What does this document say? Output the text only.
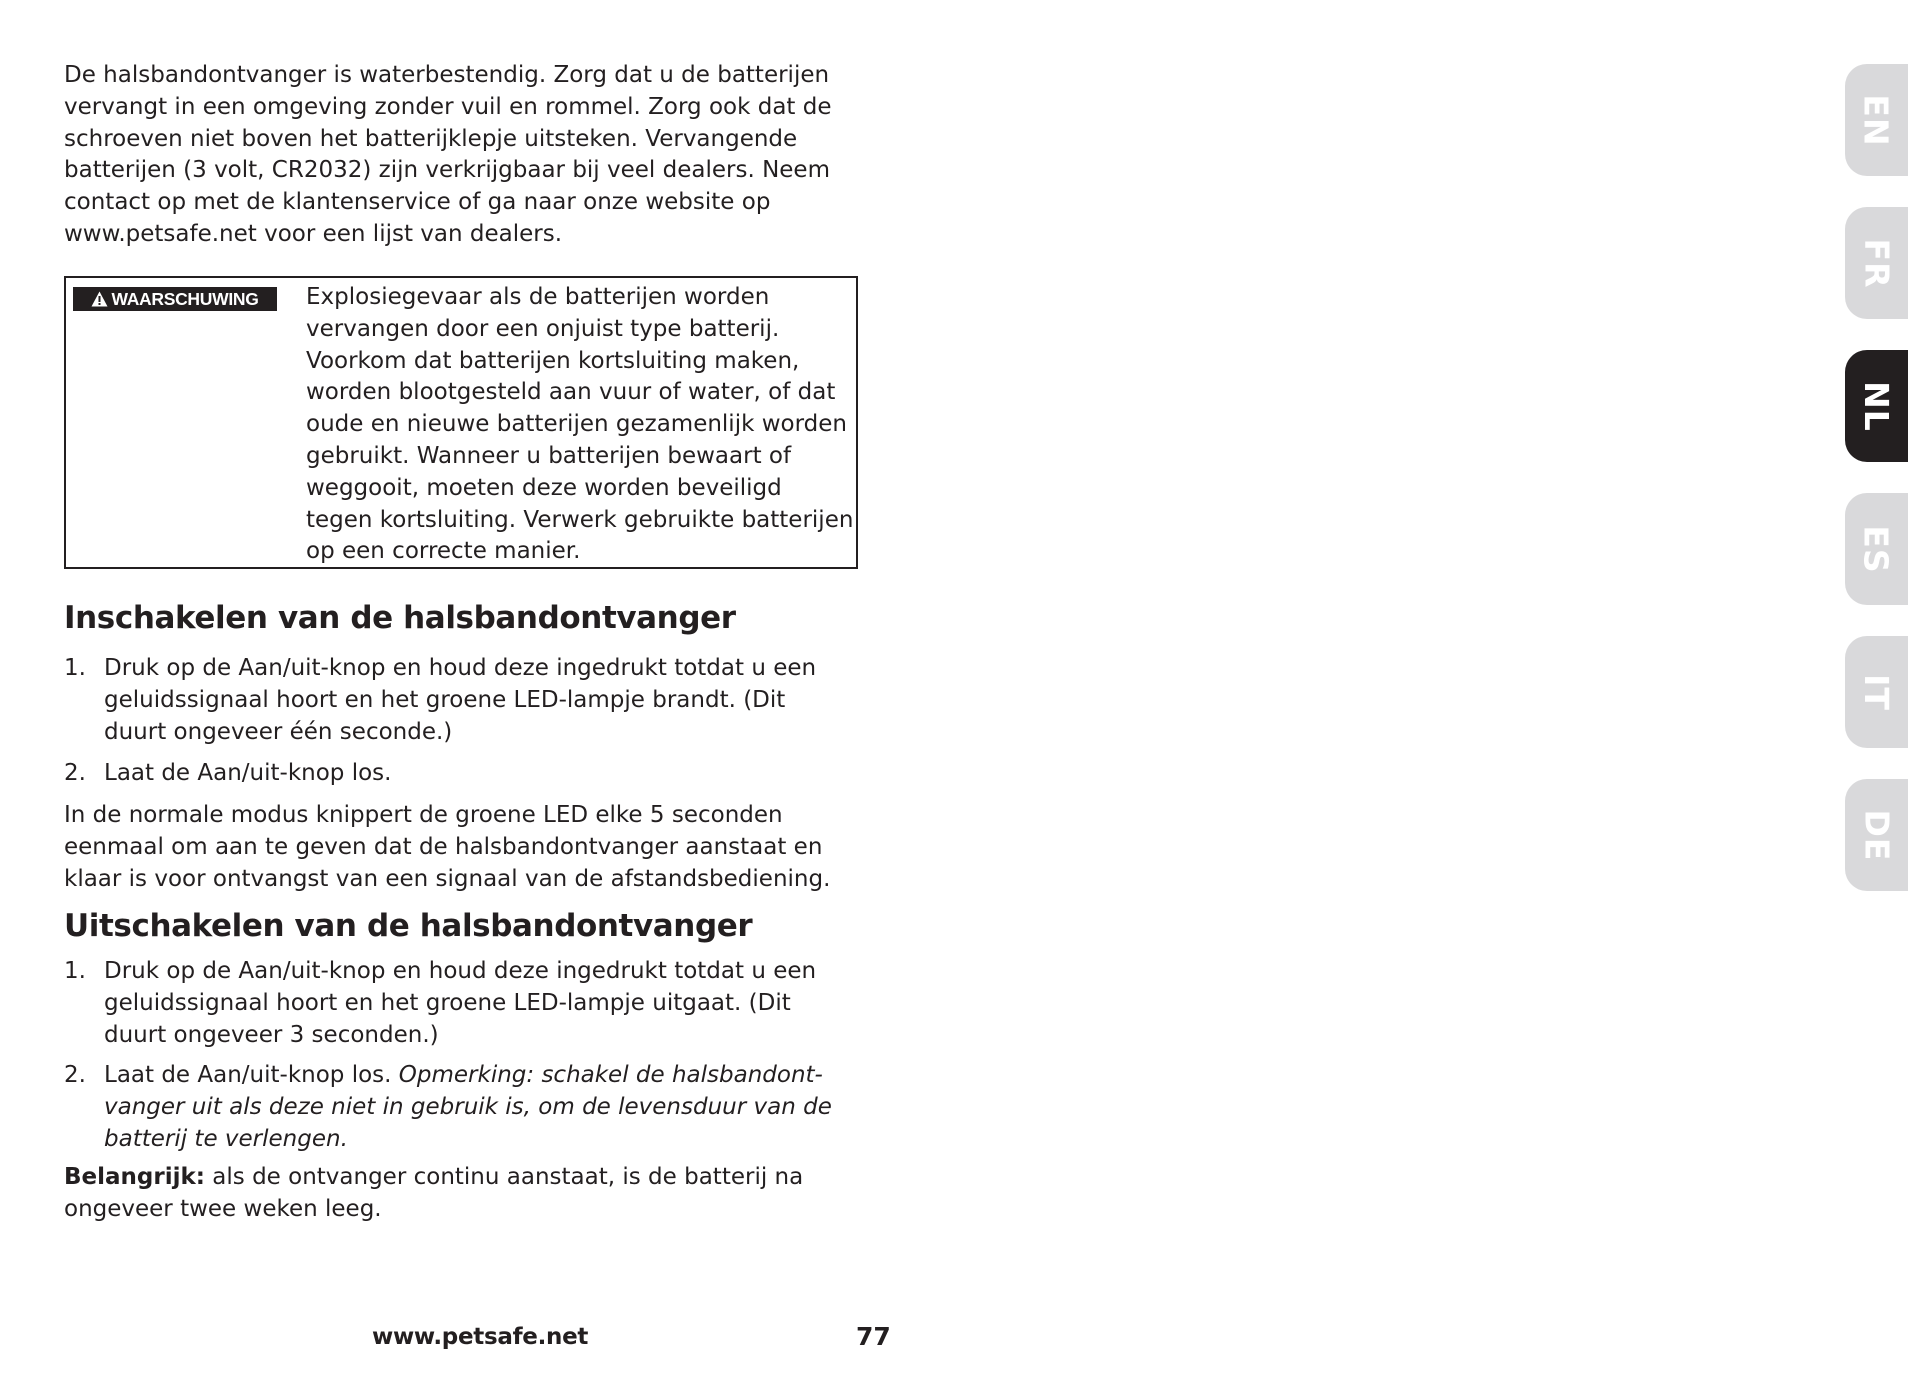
De halsbandontvanger is waterbestendig. Zorg dat u de batterijen vervangt in een omgeving zonder vuil en rommel. Zorg ook dat de schroeven niet boven het batterijklepje uitsteken. Vervangende batterijen (3 volt, CR2032) zijn verkrijgbaar bij veel dealers. Neem contact op met de klantenservice of ga naar onze website op www.petsafe.net voor een lijst van dealers.

WAARSCHUWING Explosiegevaar als de batterijen worden vervangen door een onjuist type batterij. Voorkom dat batterijen kortsluiting maken, worden blootgesteld aan vuur of water, of dat oude en nieuwe batterijen gezamenlijk worden gebruikt. Wanneer u batterijen bewaart of weggooit, moeten deze worden beveiligd tegen kortsluiting. Verwerk gebruikte batterijen op een correcte manier.

Inschakelen van de halsbandontvanger
1. Druk op de Aan/uit-knop en houd deze ingedrukt totdat u een geluidssignaal hoort en het groene LED-lampje brandt. (Dit duurt ongeveer één seconde.)
2. Laat de Aan/uit-knop los.

In de normale modus knippert de groene LED elke 5 seconden eenmaal om aan te geven dat de halsbandontvanger aanstaat en klaar is voor ontvangst van een signaal van de afstandsbediening.

Uitschakelen van de halsbandontvanger
1. Druk op de Aan/uit-knop en houd deze ingedrukt totdat u een geluidssignaal hoort en het groene LED-lampje uitgaat. (Dit duurt ongeveer 3 seconden.)
2. Laat de Aan/uit-knop los. Opmerking: schakel de halsbandont-vanger uit als deze niet in gebruik is, om de levensduur van de batterij te verlengen.

Belangrijk: als de ontvanger continu aanstaat, is de batterij na ongeveer twee weken leeg.

EN
FR
NL
ES
IT
DE
www.petsafe.net	77
